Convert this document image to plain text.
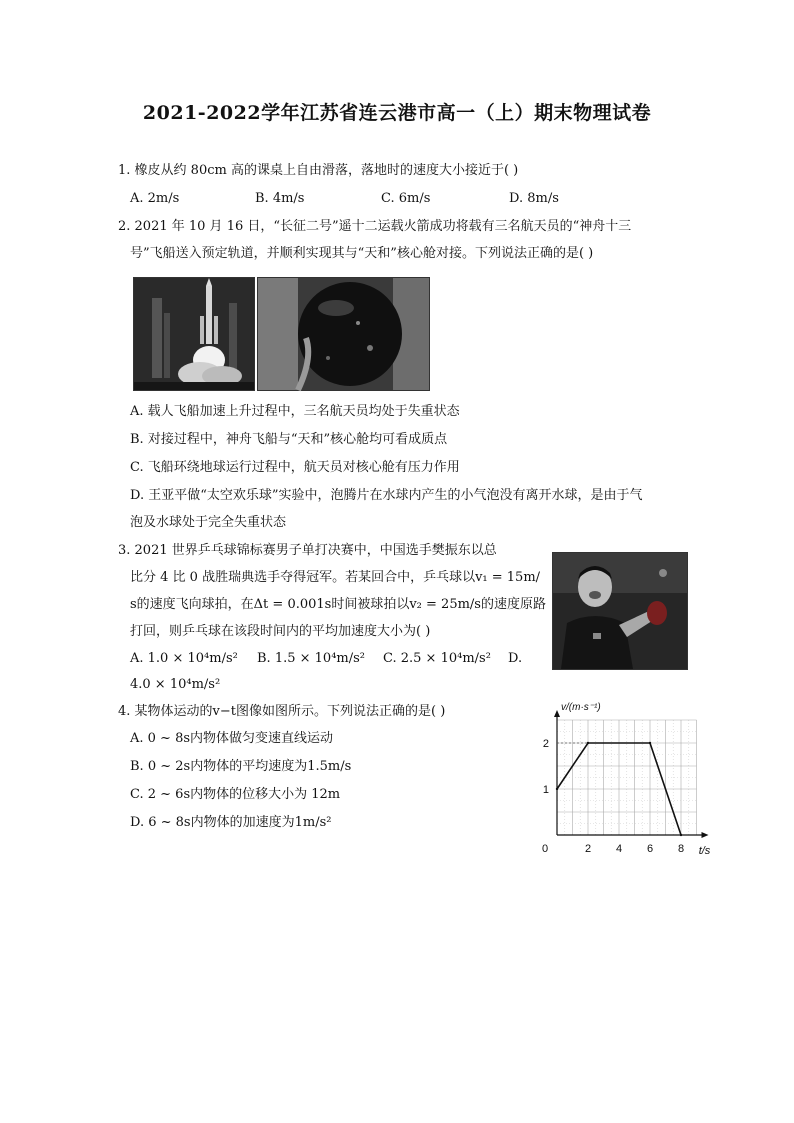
2021-2022学年江苏省连云港市高一（上）期末物理试卷
1. 橡皮从约 80cm 高的课桌上自由滑落，落地时的速度大小接近于( )
A. 2m/s	B. 4m/s	C. 6m/s	D. 8m/s
2. 2021 年 10 月 16 日，“长征二号”遥十二运载火箭成功将载有三名航天员的“神舟十三
号”飞船送入预定轨道，并顺利实现其与“天和”核心舱对接。下列说法正确的是( )
A. 载人飞船加速上升过程中，三名航天员均处于失重状态
B. 对接过程中，神舟飞船与“天和”核心舱均可看成质点
C. 飞船环绕地球运行过程中，航天员对核心舱有压力作用
D. 王亚平做“太空欢乐球”实验中，泡腾片在水球内产生的小气泡没有离开水球，是由于气
泡及水球处于完全失重状态
3. 2021 世界乒乓球锦标赛男子单打决赛中，中国选手樊振东以总
比分 4 比 0 战胜瑞典选手夺得冠军。若某回合中，乒乓球以v₁ = 15m/
s的速度飞向球拍，在Δt = 0.001s时间被球拍以v₂ = 25m/s的速度原路
打回，则乒乓球在该段时间内的平均加速度大小为( )
A. 1.0 × 10⁴m/s² B. 1.5 × 10⁴m/s² C. 2.5 × 10⁴m/s² D.
4.0 × 10⁴m/s²
4. 某物体运动的v−t图像如图所示。下列说法正确的是( )
A. 0 ~ 8s内物体做匀变速直线运动
B. 0 ~ 2s内物体的平均速度为1.5m/s
C. 2 ~ 6s内物体的位移大小为 12m
D. 6 ~ 8s内物体的加速度为1m/s²
0	2 4 6 8
1
2
t/s
v/(m·s⁻¹)
